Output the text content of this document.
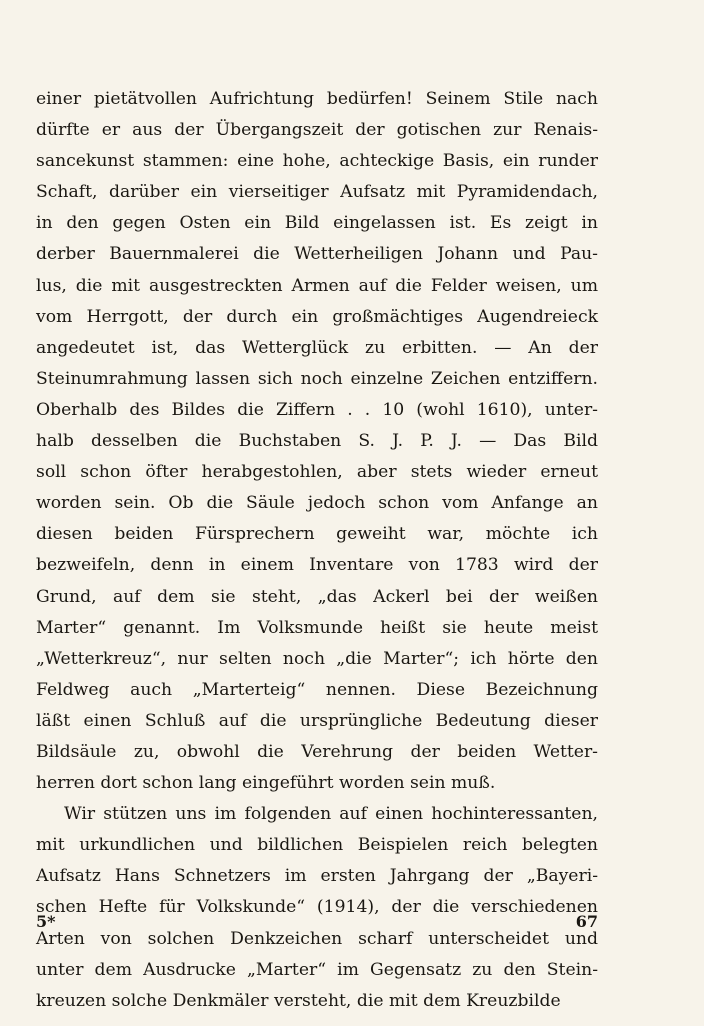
einer pietätvollen Aufrichtung bedürfen! Seinem Stile nach
dürfte er aus der Übergangszeit der gotischen zur Renais-
sancekunst stammen: eine hohe, achteckige Basis, ein runder
Schaft, darüber ein vierseitiger Aufsatz mit Pyramidendach,
in den gegen Osten ein Bild eingelassen ist. Es zeigt in
derber Bauernmalerei die Wetterheiligen Johann und Pau-
lus, die mit ausgestreckten Armen auf die Felder weisen, um
vom Herrgott, der durch ein großmächtiges Augendreieck
angedeutet ist, das Wetterglück zu erbitten. — An der
Steinumrahmung lassen sich noch einzelne Zeichen entziffern.
Oberhalb des Bildes die Ziffern . . 10 (wohl 1610), unter-
halb desselben die Buchstaben S. J. P. J. — Das Bild
soll schon öfter herabgestohlen, aber stets wieder erneut
worden sein. Ob die Säule jedoch schon vom Anfange an
diesen beiden Fürsprechern geweiht war, möchte ich
bezweifeln, denn in einem Inventare von 1783 wird der
Grund, auf dem sie steht, „das Ackerl bei der weißen
Marter“ genannt. Im Volksmunde heißt sie heute meist
„Wetterkreuz“, nur selten noch „die Marter“; ich hörte den
Feldweg auch „Marterteig“ nennen. Diese Bezeichnung
läßt einen Schluß auf die ursprüngliche Bedeutung dieser
Bildsäule zu, obwohl die Verehrung der beiden Wetter-
herren dort schon lang eingeführt worden sein muß.

Wir stützen uns im folgenden auf einen hochinteressanten,
mit urkundlichen und bildlichen Beispielen reich belegten
Aufsatz Hans Schnetzers im ersten Jahrgang der „Bayeri-
schen Hefte für Volkskunde“ (1914), der die verschiedenen
Arten von solchen Denkzeichen scharf unterscheidet und
unter dem Ausdrucke „Marter“ im Gegensatz zu den Stein-
kreuzen solche Denkmäler versteht, die mit dem Kreuzbilde

5*	67
